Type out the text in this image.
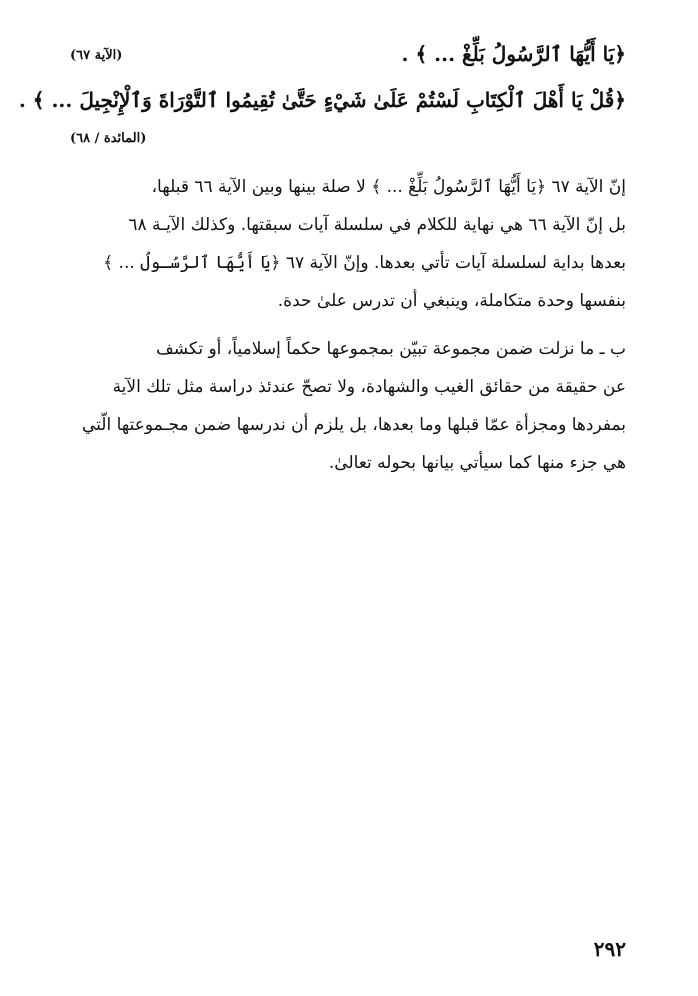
﴿يَا أَيُّهَا ٱلرَّسُولُ بَلِّغْ ... ﴾ .
(الآية ٦٧)
﴿قُلْ يَا أَهْلَ ٱلْكِتَابِ لَسْتُمْ عَلَىٰ شَيْءٍ حَتَّىٰ تُقِيمُوا ٱلتَّوْرَاةَ وَٱلْإِنْجِيلَ ... ﴾ .
(المائدة / ٦٨)
إنّ الآية ٦٧ ﴿يَا أَيُّهَا ٱلرَّسُولُ بَلِّغْ ... ﴾ لا صلة بينها وبين الآية ٦٦ قبلها،
بل إنّ الآية ٦٦ هي نهاية للكلام في سلسلة آيات سبقتها. وكذلك الآيـة ٦٨
بعدها بداية لسلسلة آيات تأتي بعدها. وإنّ الآية ٦٧ ﴿يَا أَيُّهَا ٱلرَّسُـولُ ... ﴾
بنفسها وحدة متكاملة، وينبغي أن تدرس علىٰ حدة.
ب ـ ما نزلت ضمن مجموعة تبيّن بمجموعها حكماً إسلامياً، أو تكشف
عن حقيقة من حقائق الغيب والشهادة، ولا تصحّ عندئذ دراسة مثل تلك الآية
بمفردها ومجزأة عمّا قبلها وما بعدها، بل يلزم أن ندرسها ضمن مجـموعتها الّتي
هي جزء منها كما سيأتي بيانها بحوله تعالىٰ.
٢٩٢
